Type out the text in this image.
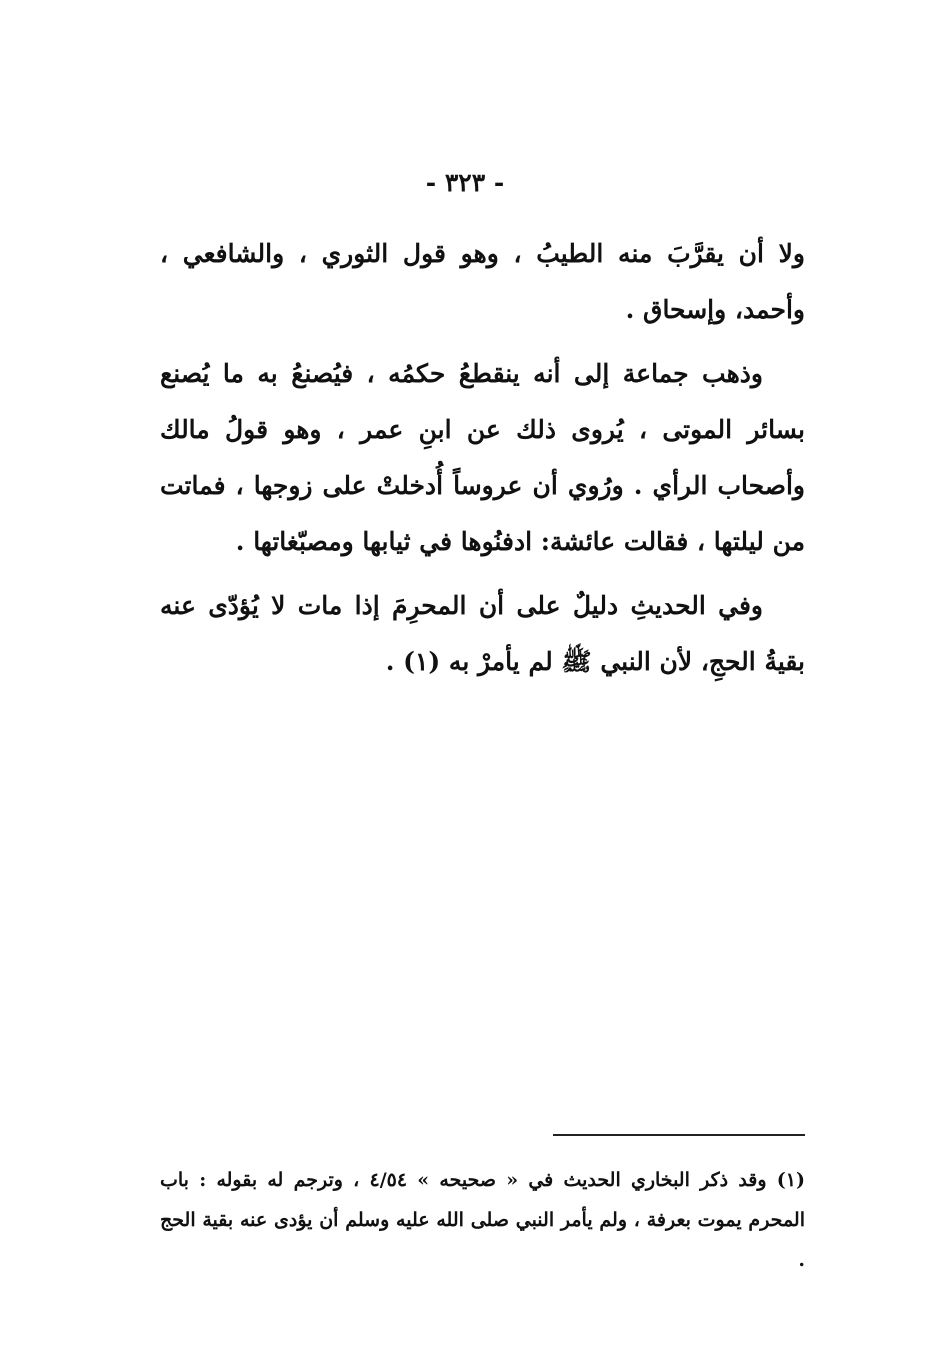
- ٣٢٣ -

ولا أن يقرَّبَ منه الطيبُ ، وهو قول الثوري ، والشافعي ، وأحمد، وإسحاق .

وذهب جماعة إلى أنه ينقطعُ حكمُه ، فيُصنعُ به ما يُصنع بسائر الموتى ، يُروى ذلك عن ابنِ عمر ، وهو قولُ مالك وأصحاب الرأي . ورُوي أن عروساً أُدخلتْ على زوجها ، فماتت من ليلتها ، فقالت عائشة: ادفنُوها في ثيابها ومصبّغاتها .

وفي الحديثِ دليلٌ على أن المحرِمَ إذا مات لا يُؤدّى عنه بقيةُ الحجِ، لأن النبي ﷺ لم يأمرْ به (١) .

(١) وقد ذكر البخاري الحديث في « صحيحه » ٤/٥٤ ، وترجم له بقوله : باب المحرم يموت بعرفة ، ولم يأمر النبي صلى الله عليه وسلم أن يؤدى عنه بقية الحج .
